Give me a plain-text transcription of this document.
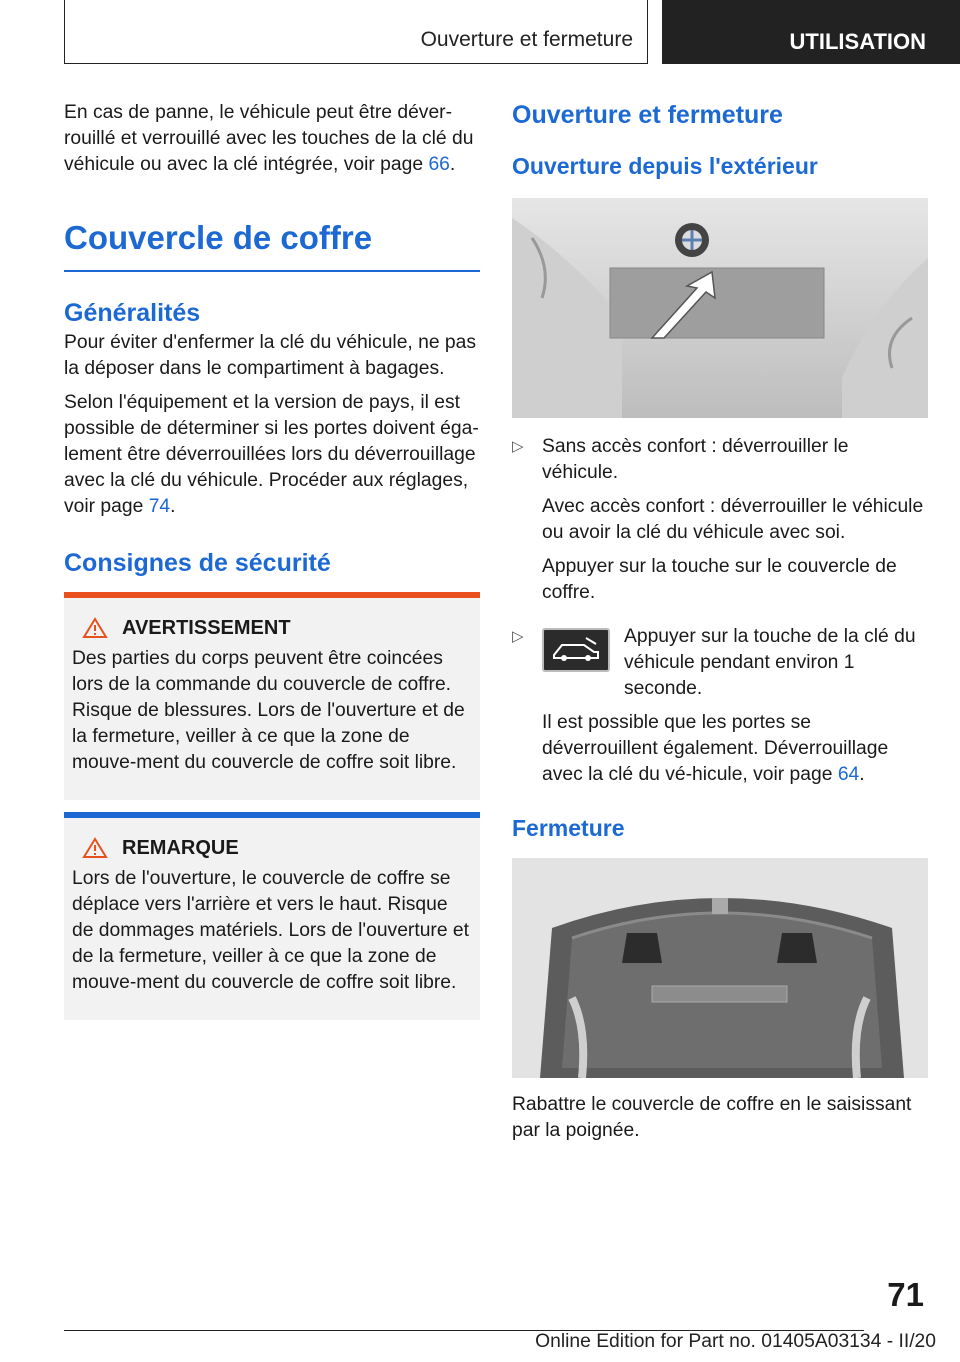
Ouverture et fermeture	UTILISATION

En cas de panne, le véhicule peut être déver-rouillé et verrouillé avec les touches de la clé du véhicule ou avec la clé intégrée, voir page 66.

Couvercle de coffre
Généralités

Pour éviter d'enfermer la clé du véhicule, ne pas la déposer dans le compartiment à bagages.

Selon l'équipement et la version de pays, il est possible de déterminer si les portes doivent éga-lement être déverrouillées lors du déverrouillage avec la clé du véhicule. Procéder aux réglages, voir page 74.

Consignes de sécurité
AVERTISSEMENT

Des parties du corps peuvent être coincées lors de la commande du couvercle de coffre. Risque de blessures. Lors de l'ouverture et de la fermeture, veiller à ce que la zone de mouve-ment du couvercle de coffre soit libre.

REMARQUE

Lors de l'ouverture, le couvercle de coffre se déplace vers l'arrière et vers le haut. Risque de dommages matériels. Lors de l'ouverture et de la fermeture, veiller à ce que la zone de mouve-ment du couvercle de coffre soit libre.

Ouverture et fermeture
Ouverture depuis l'extérieur
▷ Sans accès confort : déverrouiller le véhicule.

Avec accès confort : déverrouiller le véhicule ou avoir la clé du véhicule avec soi.

Appuyer sur la touche sur le couvercle de coffre.

▷	Appuyer sur la touche de la clé du véhicule pendant environ 1 seconde.

Il est possible que les portes se déverrouillent également. Déverrouillage avec la clé du vé-hicule, voir page 64.

Fermeture

Rabattre le couvercle de coffre en le saisissant par la poignée.

71
Online Edition for Part no. 01405A03134 - II/20
